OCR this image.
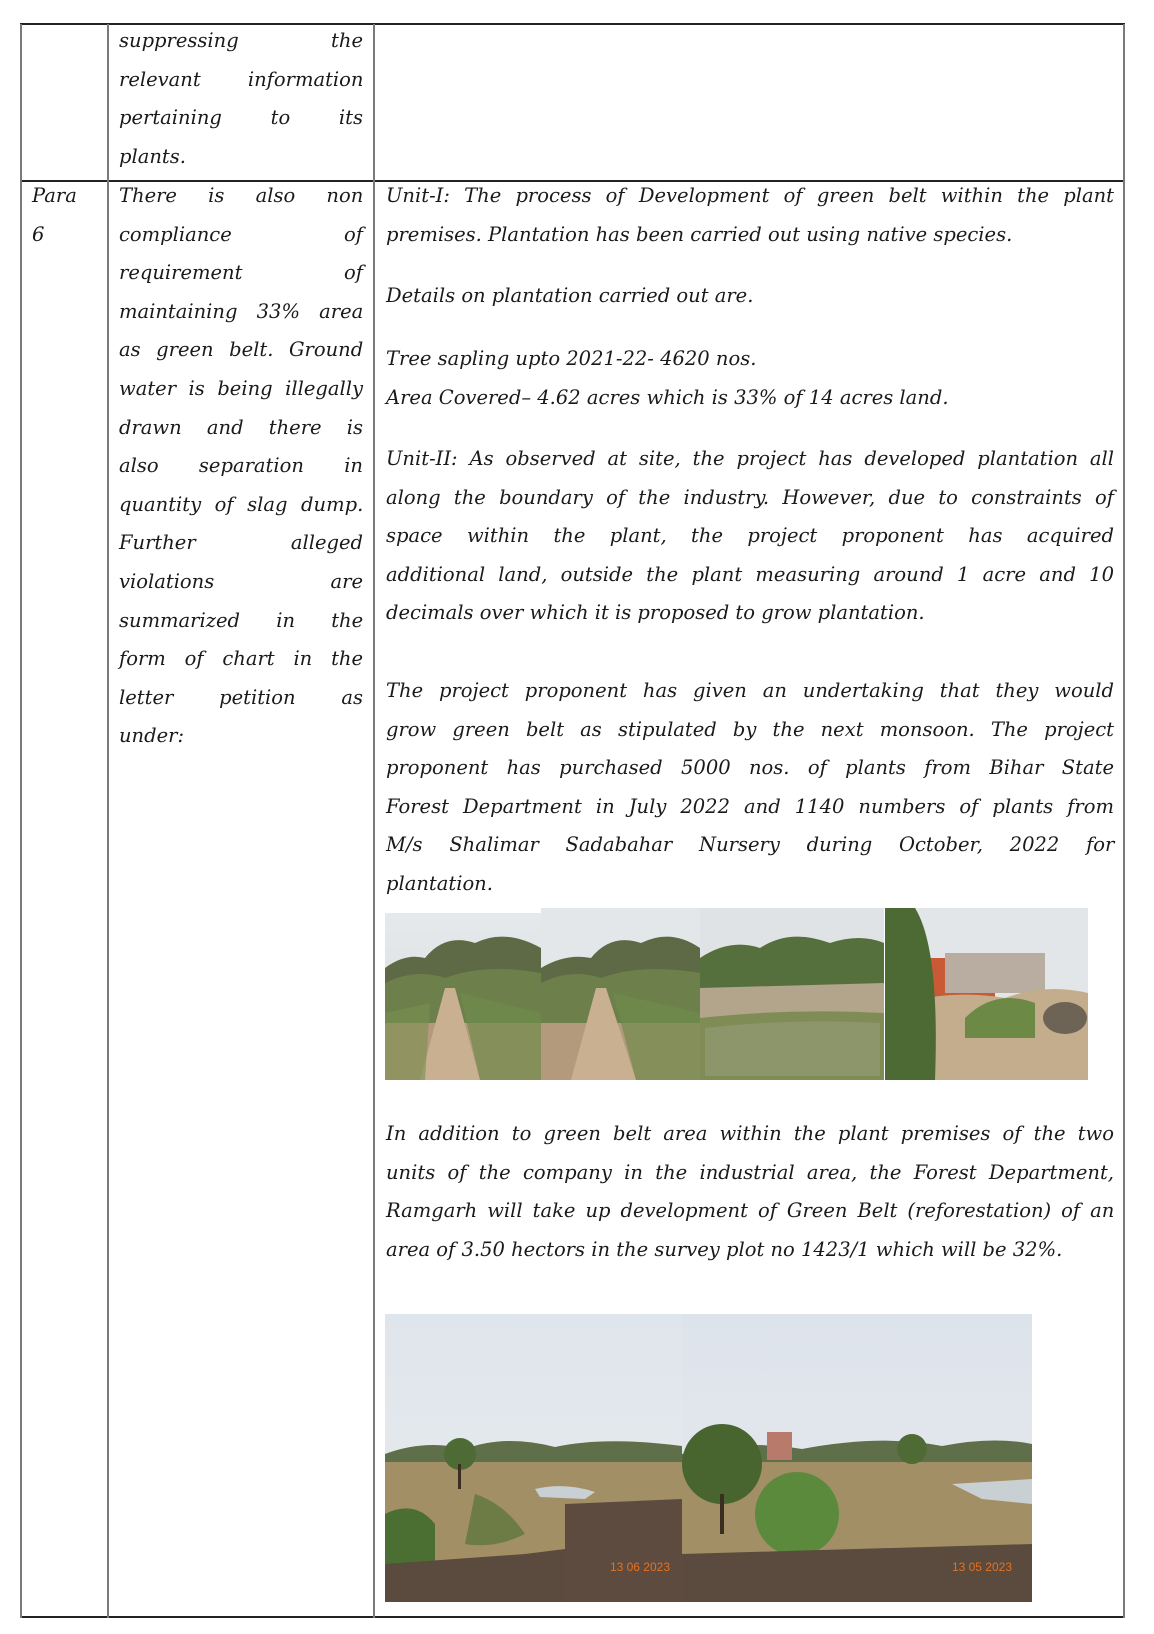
suppressing the
relevant information
pertaining to its
plants.
Para
6
There is also non
compliance of
requirement of
maintaining 33% area
as green belt. Ground
water is being illegally
drawn and there is
also separation in
quantity of slag dump.
Further alleged
violations are
summarized in the
form of chart in the
letter petition as
under:
Unit-I: The process of Development of green belt within the plant
premises. Plantation has been carried out using native species.
Details on plantation carried out are.
Tree sapling upto 2021-22- 4620 nos.
Area Covered– 4.62 acres which is 33% of 14 acres land.
Unit-II: As observed at site, the project has developed plantation all
along the boundary of the industry. However, due to constraints of
space within the plant, the project proponent has acquired
additional land, outside the plant measuring around 1 acre and 10
decimals over which it is proposed to grow plantation.
The project proponent has given an undertaking that they would
grow green belt as stipulated by the next monsoon. The project
proponent has purchased 5000 nos. of plants from Bihar State
Forest Department in July 2022 and 1140 numbers of plants from
M/s Shalimar Sadabahar Nursery during October, 2022 for
plantation.
In addition to green belt area within the plant premises of the two
units of the company in the industrial area, the Forest Department,
Ramgarh will take up development of Green Belt (reforestation) of an
area of 3.50 hectors in the survey plot no 1423/1 which will be 32%.
13 06 2023	13 05 2023
